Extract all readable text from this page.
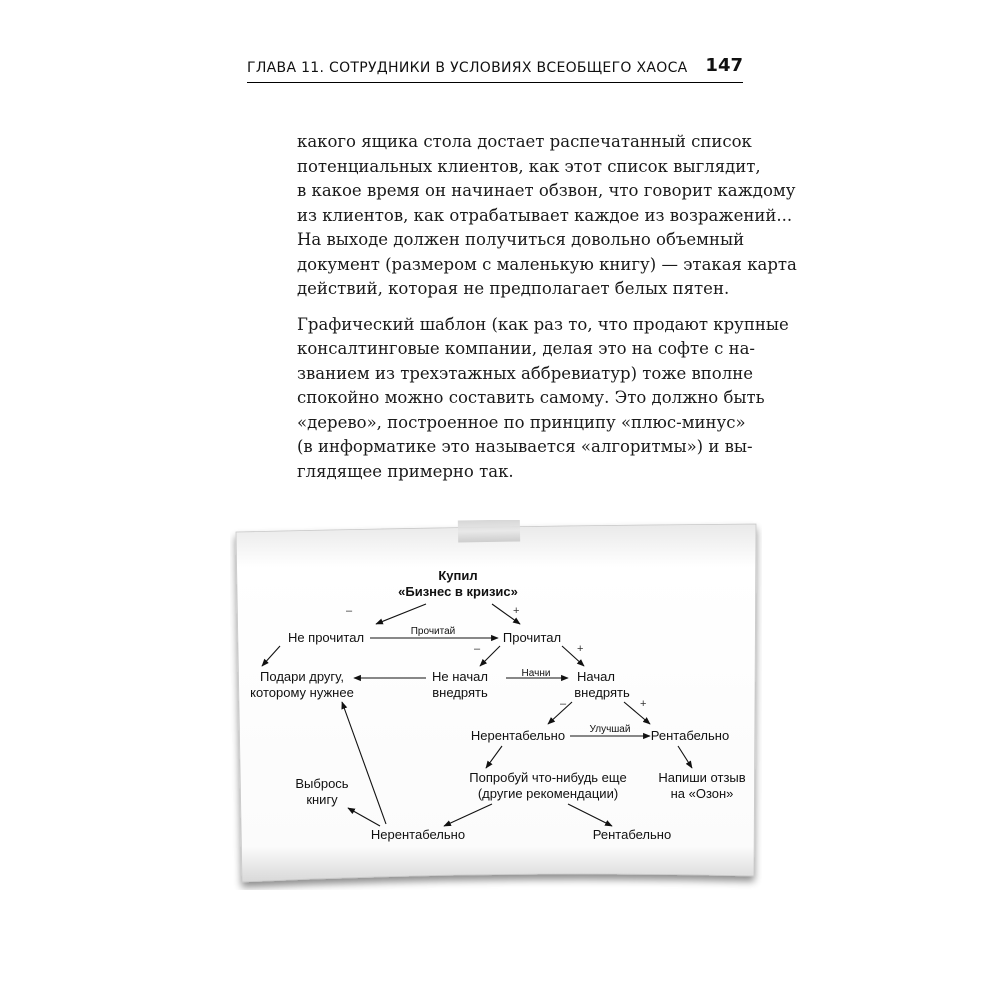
ГЛАВА 11. СОТРУДНИКИ В УСЛОВИЯХ ВСЕОБЩЕГО ХАОСА 147

какого ящика стола достает распечатанный список
потенциальных клиентов, как этот список выглядит,
в какое время он начинает обзвон, что говорит каждому
из клиентов, как отрабатывает каждое из возражений...
На выходе должен получиться довольно объемный
документ (размером с маленькую книгу) — этакая карта
действий, которая не предполагает белых пятен.

Графический шаблон (как раз то, что продают крупные
консалтинговые компании, делая это на софте с на-
званием из трехэтажных аббревиатур) тоже вполне
спокойно можно составить самому. Это должно быть
«дерево», построенное по принципу «плюс-минус»
(в информатике это называется «алгоритмы») и вы-
глядящее примерно так.

Купил
«Бизнес в кризис»
Не прочитал	Прочитал
Прочитай
Подари другу,
которому нужнее
Не начал
внедрять
Начни Начал
внедрять
Нерентабельно Улучшай Рентабельно
Попробуй что-нибудь еще
(другие рекомендации)
Напиши отзыв
на «Озон»
Выбрось
книгу
Нерентабельно	Рентабельно
–	+
–	+
–	+
